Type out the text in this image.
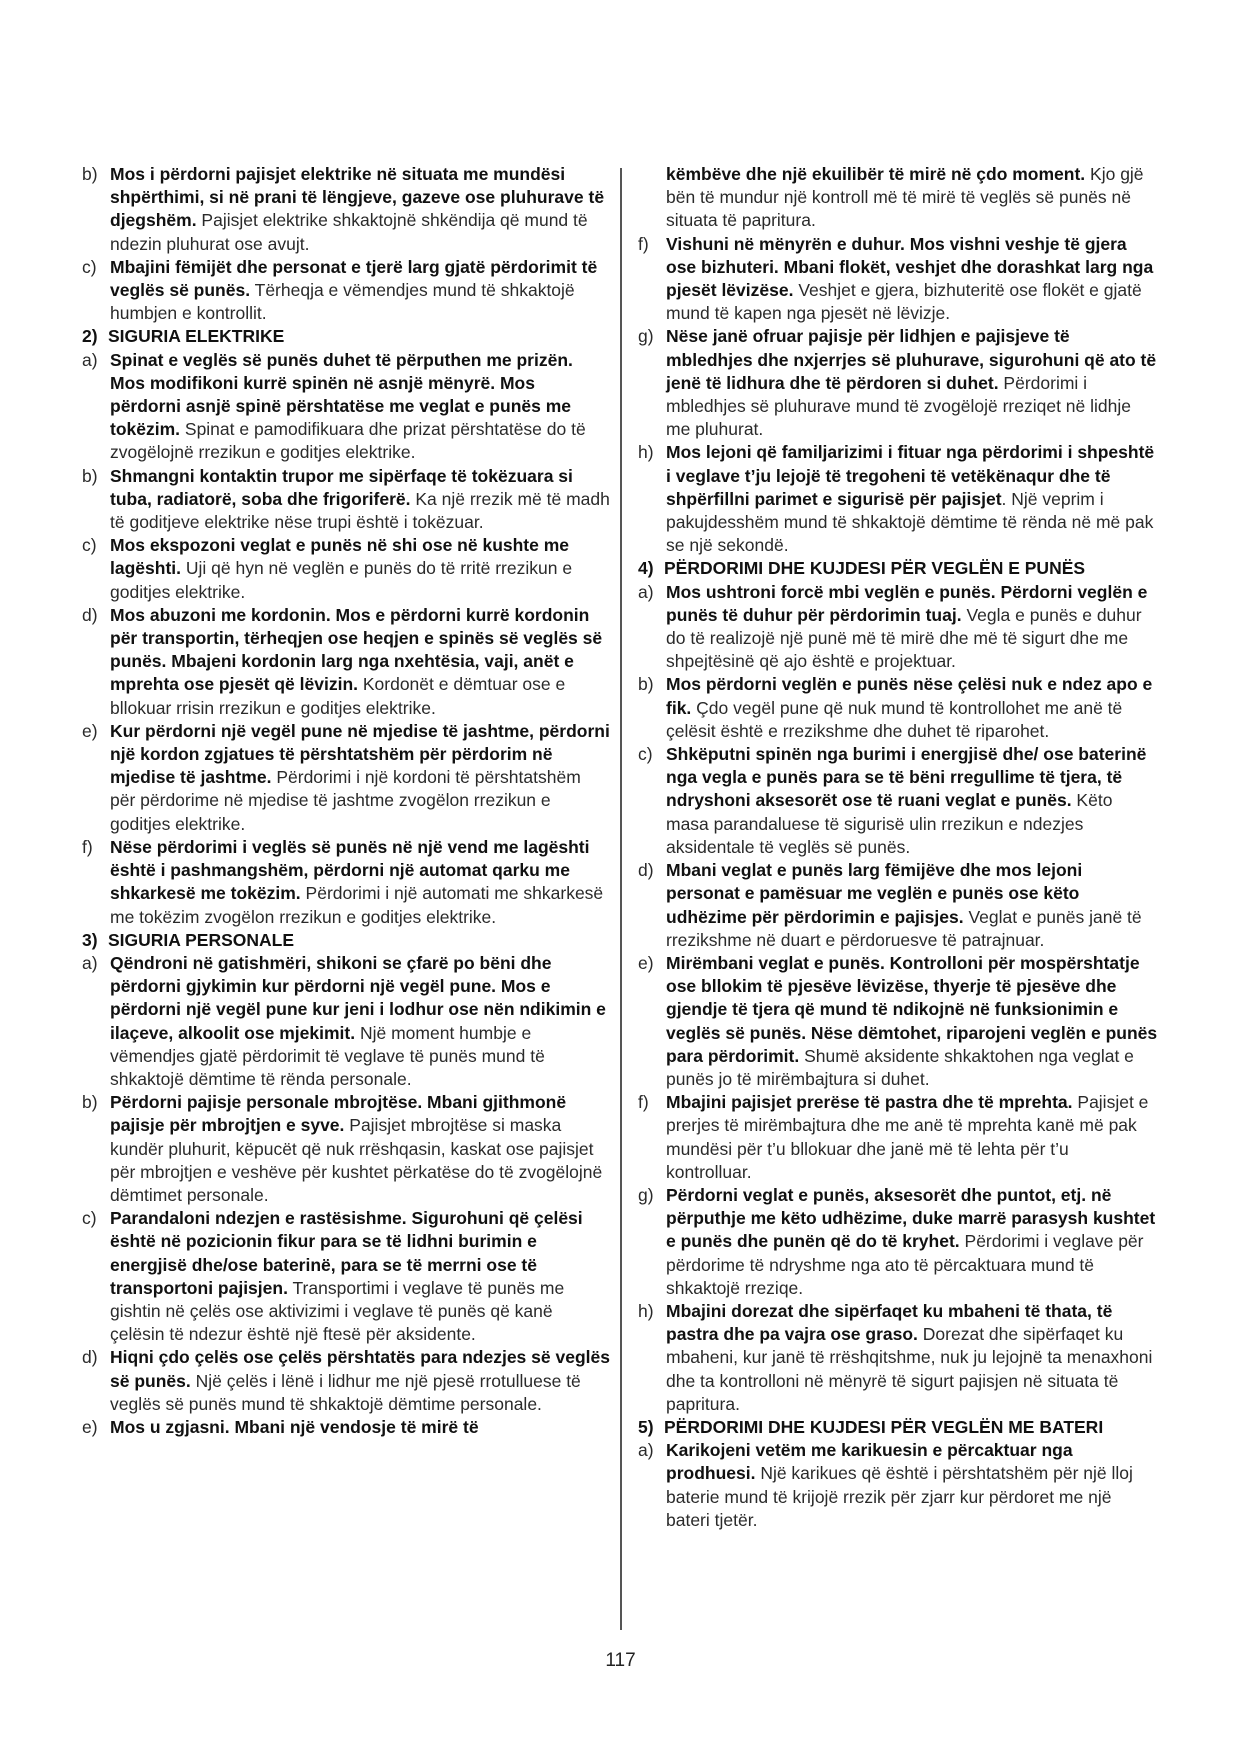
b) Mos i përdorni pajisjet elektrike në situata me mundësi shpërthimi, si në prani të lëngjeve, gazeve ose pluhurave të djegshëm. Pajisjet elektrike shkaktojnë shkëndija që mund të ndezin pluhurat ose avujt.
c) Mbajini fëmijët dhe personat e tjerë larg gjatë përdorimit të veglës së punës. Tërheqja e vëmendjes mund të shkaktojë humbjen e kontrollit.
2) SIGURIA ELEKTRIKE
a) Spinat e veglës së punës duhet të përputhen me prizën. Mos modifikoni kurrë spinën në asnjë mënyrë. Mos përdorni asnjë spinë përshtatëse me veglat e punës me tokëzim. Spinat e pamodifikuara dhe prizat përshtatëse do të zvogëlojnë rrezikun e goditjes elektrike.
b) Shmangni kontaktin trupor me sipërfaqe të tokëzuara si tuba, radiatorë, soba dhe frigoriferë. Ka një rrezik më të madh të goditjeve elektrike nëse trupi është i tokëzuar.
c) Mos ekspozoni veglat e punës në shi ose në kushte me lagështi. Uji që hyn në veglën e punës do të rritë rrezikun e goditjes elektrike.
d) Mos abuzoni me kordonin. Mos e përdorni kurrë kordonin për transportin, tërheqjen ose heqjen e spinës së veglës së punës. Mbajeni kordonin larg nga nxehtësia, vaji, anët e mprehta ose pjesët që lëvizin. Kordonët e dëmtuar ose e bllokuar rrisin rrezikun e goditjes elektrike.
e) Kur përdorni një vegël pune në mjedise të jashtme, përdorni një kordon zgjatues të përshtatshëm për përdorim në mjedise të jashtme. Përdorimi i një kordoni të përshtatshëm për përdorime në mjedise të jashtme zvogëlon rrezikun e goditjes elektrike.
f) Nëse përdorimi i veglës së punës në një vend me lagështi është i pashmangshëm, përdorni një automat qarku me shkarkesë me tokëzim. Përdorimi i një automati me shkarkesë me tokëzim zvogëlon rrezikun e goditjes elektrike.
3) SIGURIA PERSONALE
a) Qëndroni në gatishmëri, shikoni se çfarë po bëni dhe përdorni gjykimin kur përdorni një vegël pune. Mos e përdorni një vegël pune kur jeni i lodhur ose nën ndikimin e ilaçeve, alkoolit ose mjekimit. Një moment humbje e vëmendjes gjatë përdorimit të veglave të punës mund të shkaktojë dëmtime të rënda personale.
b) Përdorni pajisje personale mbrojtëse. Mbani gjithmonë pajisje për mbrojtjen e syve. Pajisjet mbrojtëse si maska kundër pluhurit, këpucët që nuk rrëshqasin, kaskat ose pajisjet për mbrojtjen e veshëve për kushtet përkatëse do të zvogëlojnë dëmtimet personale.
c) Parandaloni ndezjen e rastësishme. Sigurohuni që çelësi është në pozicionin fikur para se të lidhni burimin e energjisë dhe/ose baterinë, para se të merrni ose të transportoni pajisjen. Transportimi i veglave të punës me gishtin në çelës ose aktivizimi i veglave të punës që kanë çelësin të ndezur është një ftesë për aksidente.
d) Hiqni çdo çelës ose çelës përshtatës para ndezjes së veglës së punës. Një çelës i lënë i lidhur me një pjesë rrotulluese të veglës së punës mund të shkaktojë dëmtime personale.
e) Mos u zgjasni. Mbani një vendosje të mirë të
këmbëve dhe një ekuilibër të mirë në çdo moment. Kjo gjë bën të mundur një kontroll më të mirë të veglës së punës në situata të papritura.
f) Vishuni në mënyrën e duhur. Mos vishni veshje të gjera ose bizhuteri. Mbani flokët, veshjet dhe dorashkat larg nga pjesët lëvizëse. Veshjet e gjera, bizhuteritë ose flokët e gjatë mund të kapen nga pjesët në lëvizje.
g) Nëse janë ofruar pajisje për lidhjen e pajisjeve të mbledhjes dhe nxjerrjes së pluhurave, sigurohuni që ato të jenë të lidhura dhe të përdoren si duhet. Përdorimi i mbledhjes së pluhurave mund të zvogëlojë rreziqet në lidhje me pluhurat.
h) Mos lejoni që familjarizimi i fituar nga përdorimi i shpeshtë i veglave t’ju lejojë të tregoheni të vetëkënaqur dhe të shpërfillni parimet e sigurisë për pajisjet. Një veprim i pakujdesshëm mund të shkaktojë dëmtime të rënda në më pak se një sekondë.
4) PËRDORIMI DHE KUJDESI PËR VEGLËN E PUNËS
a) Mos ushtroni forcë mbi veglën e punës. Përdorni veglën e punës të duhur për përdorimin tuaj. Vegla e punës e duhur do të realizojë një punë më të mirë dhe më të sigurt dhe me shpejtësinë që ajo është e projektuar.
b) Mos përdorni veglën e punës nëse çelësi nuk e ndez apo e fik. Çdo vegël pune që nuk mund të kontrollohet me anë të çelësit është e rrezikshme dhe duhet të riparohet.
c) Shkëputni spinën nga burimi i energjisë dhe/ ose baterinë nga vegla e punës para se të bëni rregullime të tjera, të ndryshoni aksesorët ose të ruani veglat e punës. Këto masa parandaluese të sigurisë ulin rrezikun e ndezjes aksidentale të veglës së punës.
d) Mbani veglat e punës larg fëmijëve dhe mos lejoni personat e pamësuar me veglën e punës ose këto udhëzime për përdorimin e pajisjes. Veglat e punës janë të rrezikshme në duart e përdoruesve të patrajnuar.
e) Mirëmbani veglat e punës. Kontrolloni për mospërshtatje ose bllokim të pjesëve lëvizëse, thyerje të pjesëve dhe gjendje të tjera që mund të ndikojnë në funksionimin e veglës së punës. Nëse dëmtohet, riparojeni veglën e punës para përdorimit. Shumë aksidente shkaktohen nga veglat e punës jo të mirëmbajtura si duhet.
f) Mbajini pajisjet prerëse të pastra dhe të mprehta. Pajisjet e prerjes të mirëmbajtura dhe me anë të mprehta kanë më pak mundësi për t’u bllokuar dhe janë më të lehta për t’u kontrolluar.
g) Përdorni veglat e punës, aksesorët dhe puntot, etj. në përputhje me këto udhëzime, duke marrë parasysh kushtet e punës dhe punën që do të kryhet. Përdorimi i veglave për përdorime të ndryshme nga ato të përcaktuara mund të shkaktojë rreziqe.
h) Mbajini dorezat dhe sipërfaqet ku mbaheni të thata, të pastra dhe pa vajra ose graso. Dorezat dhe sipërfaqet ku mbaheni, kur janë të rrëshqitshme, nuk ju lejojnë ta menaxhoni dhe ta kontrolloni në mënyrë të sigurt pajisjen në situata të papritura.
5) PËRDORIMI DHE KUJDESI PËR VEGLËN ME BATERI
a) Karikojeni vetëm me karikuesin e përcaktuar nga prodhuesi. Një karikues që është i përshtatshëm për një lloj baterie mund të krijojë rrezik për zjarr kur përdoret me një bateri tjetër.
117
